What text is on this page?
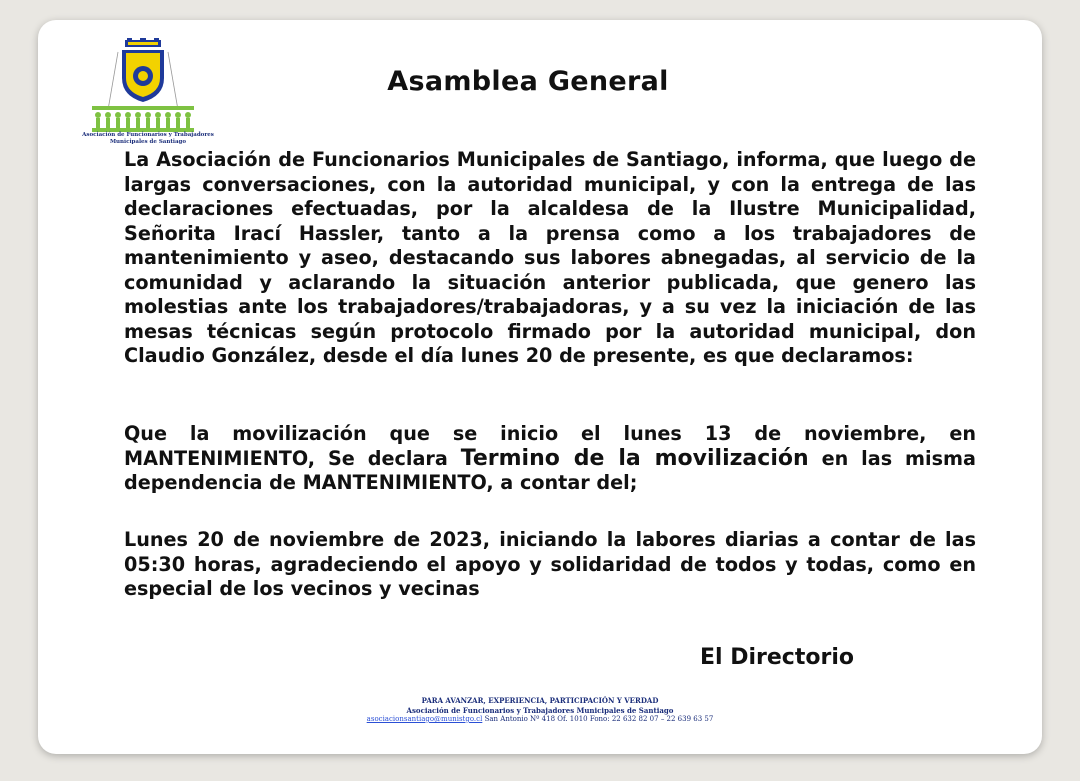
Asociación de Funcionarios y Trabajadores
Municipales de Santiago
Asamblea General
La Asociación de Funcionarios Municipales de Santiago, informa, que luego de largas conversaciones, con la autoridad municipal, y con la entrega de las declaraciones efectuadas, por la alcaldesa de la Ilustre Municipalidad, Señorita Irací Hassler, tanto a la prensa como a los trabajadores de mantenimiento y aseo, destacando sus labores abnegadas, al servicio de la comunidad y aclarando la situación anterior publicada, que genero las molestias ante los trabajadores/trabajadoras, y a su vez la iniciación de las mesas técnicas según protocolo firmado por la autoridad municipal, don Claudio González, desde el día lunes 20 de presente, es que declaramos:
Que la movilización que se inicio el lunes 13 de noviembre, en MANTENIMIENTO, Se declara Termino de la movilización en las misma dependencia de MANTENIMIENTO, a contar del;
Lunes 20 de noviembre de 2023, iniciando la labores diarias a contar de las 05:30 horas, agradeciendo el apoyo y solidaridad de todos y todas, como en especial de los vecinos y vecinas
El Directorio
PARA AVANZAR, EXPERIENCIA, PARTICIPACIÓN Y VERDAD
Asociación de Funcionarios y Trabajadores Municipales de Santiago
asociacionsantiago@munistgo.cl San Antonio Nº 418 Of. 1010 Fono: 22 632 82 07 – 22 639 63 57
